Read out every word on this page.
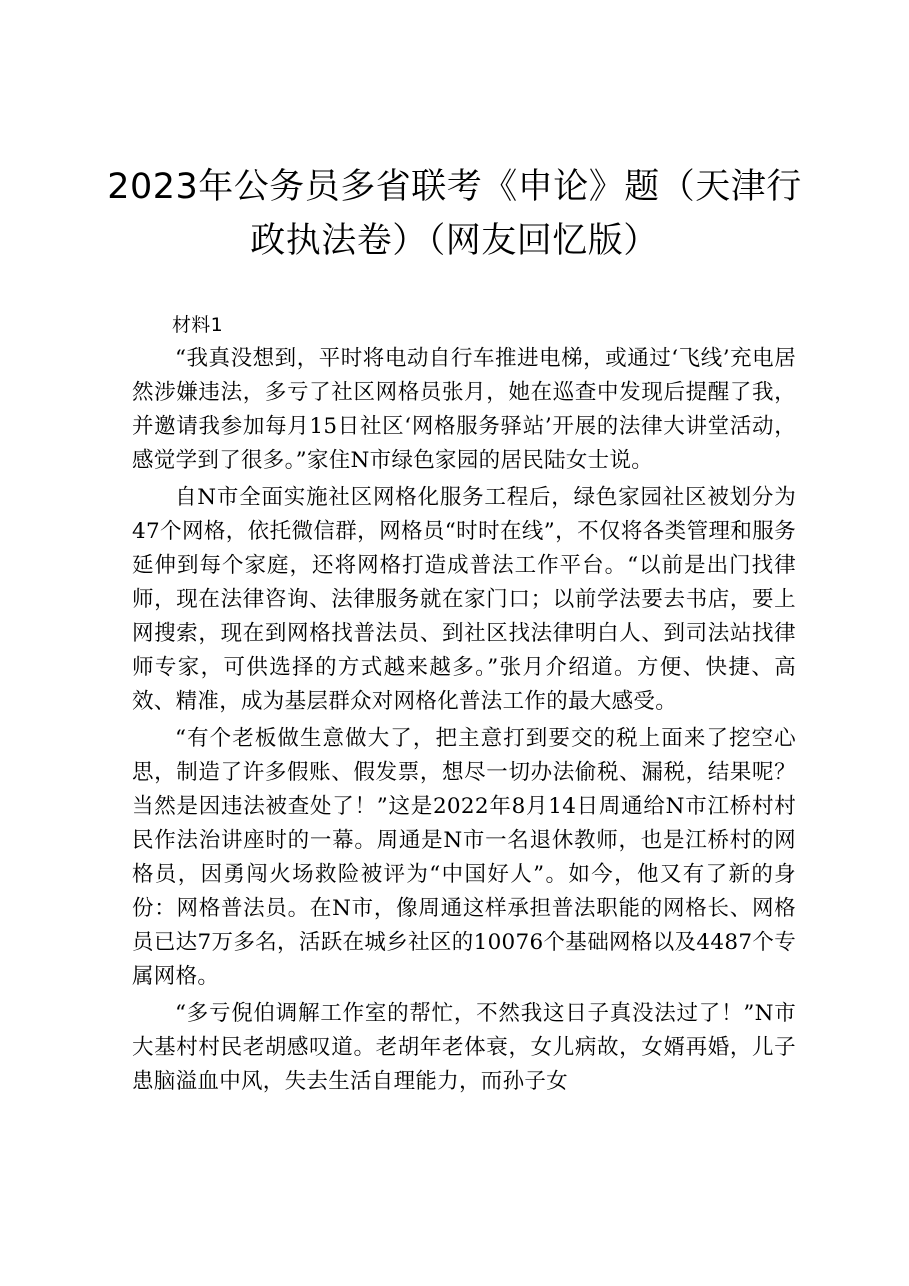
2023年公务员多省联考《申论》题（天津行
政执法卷）（网友回忆版）

材料1

“我真没想到，平时将电动自行车推进电梯，或通过‘飞线’充电居然涉嫌违法，多亏了社区网格员张月，她在巡查中发现后提醒了我，并邀请我参加每月15日社区‘网格服务驿站’开展的法律大讲堂活动，感觉学到了很多。”家住N市绿色家园的居民陆女士说。

自N市全面实施社区网格化服务工程后，绿色家园社区被划分为47个网格，依托微信群，网格员“时时在线”，不仅将各类管理和服务延伸到每个家庭，还将网格打造成普法工作平台。“以前是出门找律师，现在法律咨询、法律服务就在家门口；以前学法要去书店，要上网搜索，现在到网格找普法员、到社区找法律明白人、到司法站找律师专家，可供选择的方式越来越多。”张月介绍道。方便、快捷、高效、精准，成为基层群众对网格化普法工作的最大感受。

“有个老板做生意做大了，把主意打到要交的税上面来了挖空心思，制造了许多假账、假发票，想尽一切办法偷税、漏税，结果呢？当然是因违法被查处了！”这是2022年8月14日周通给N市江桥村村民作法治讲座时的一幕。周通是N市一名退休教师，也是江桥村的网格员，因勇闯火场救险被评为“中国好人”。如今，他又有了新的身份：网格普法员。在N市，像周通这样承担普法职能的网格长、网格员已达7万多名，活跃在城乡社区的10076个基础网格以及4487个专属网格。

“多亏倪伯调解工作室的帮忙，不然我这日子真没法过了！”N市大基村村民老胡感叹道。老胡年老体衰，女儿病故，女婿再婚，儿子患脑溢血中风，失去生活自理能力，而孙子女
